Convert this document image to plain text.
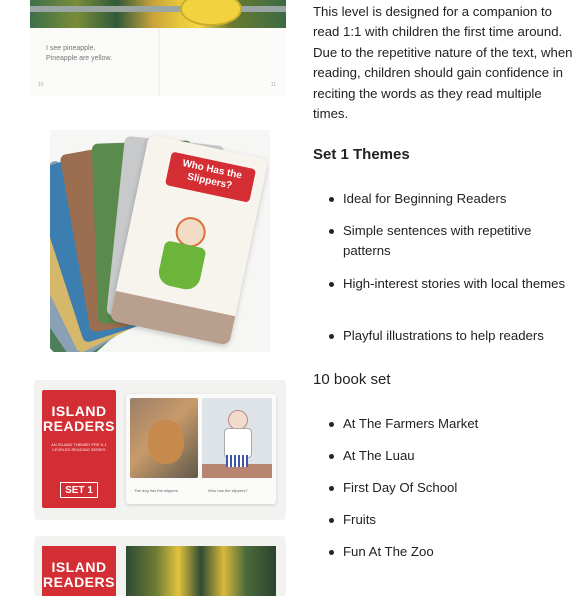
I see pineapple.
Pineapple are yellow.
10	11
Who Has the Slippers?
ISLAND READERS
AN ISLAND THEMED PRE K-1 LEVELED READING SERIES
SET 1	The dog has the slippers.	Who has the slippers?
ISLAND READERS
This level is designed for a companion to read 1:1 with children the first time around. Due to the repetitive nature of the text, when reading, children should gain confidence in reciting the words as they read multiple times.
Set 1 Themes
Ideal for Beginning Readers
Simple sentences with repetitive patterns
High-interest stories with local themes
Playful illustrations to help readers
10 book set
At The Farmers Market
At The Luau
First Day Of School
Fruits
Fun At The Zoo
